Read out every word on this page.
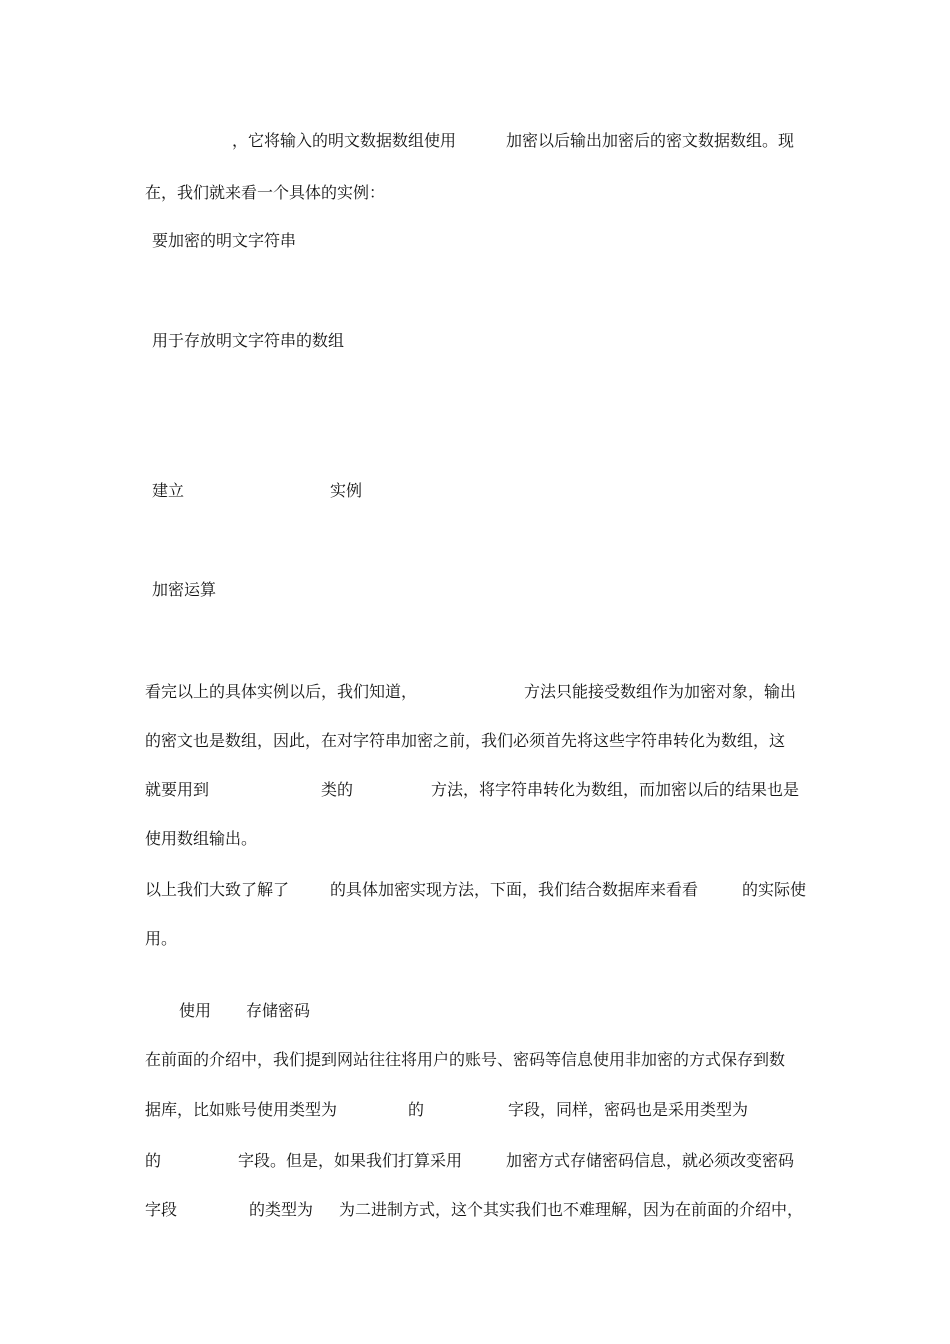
，它将输入的明文数据数组使用	加密以后输出加密后的密文数据数组。现
在，我们就来看一个具体的实例：
要加密的明文字符串
用于存放明文字符串的数组
建立	实例
加密运算
看完以上的具体实例以后，我们知道，	方法只能接受数组作为加密对象，输出
的密文也是数组，因此，在对字符串加密之前，我们必须首先将这些字符串转化为数组，这
就要用到	类的	方法，将字符串转化为数组，而加密以后的结果也是
使用数组输出。
以上我们大致了解了	的具体加密实现方法，下面，我们结合数据库来看看	的实际使
用。
使用 存储密码
在前面的介绍中，我们提到网站往往将用户的账号、密码等信息使用非加密的方式保存到数
据库，比如账号使用类型为	的	字段，同样，密码也是采用类型为
的	字段。但是，如果我们打算采用	加密方式存储密码信息，就必须改变密码
字段	的类型为 为二进制方式，这个其实我们也不难理解，因为在前面的介绍中，
